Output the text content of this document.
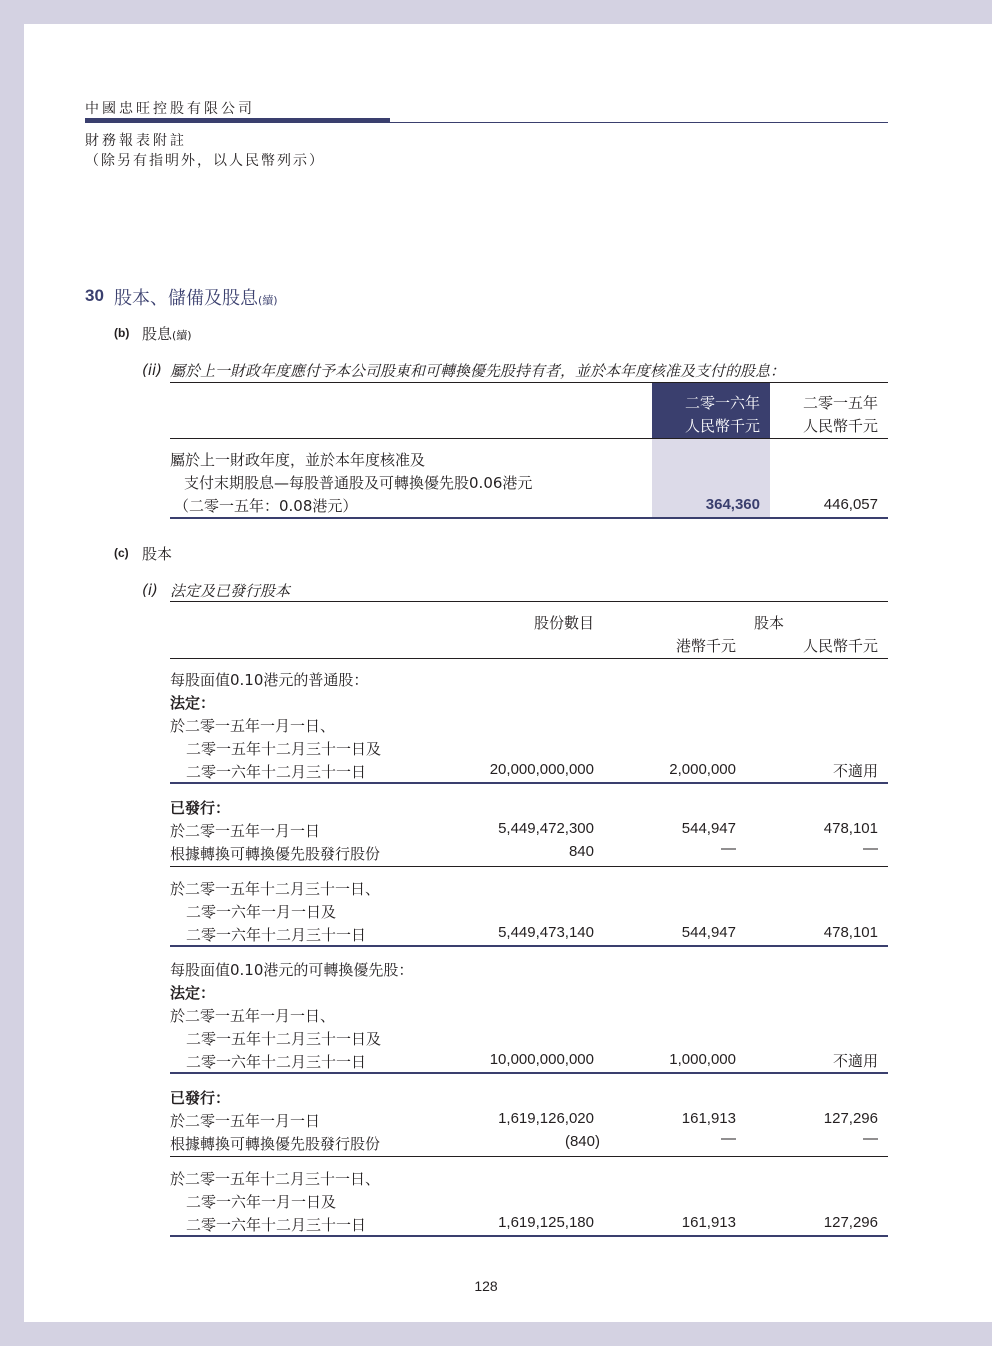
中國忠旺控股有限公司
財務報表附註
（除另有指明外，以人民幣列示）
30 股本、儲備及股息(續)
(b) 股息(續)
(ii) 屬於上一財政年度應付予本公司股東和可轉換優先股持有者，並於本年度核准及支付的股息：
二零一六年
人民幣千元
二零一五年
人民幣千元
屬於上一財政年度，並於本年度核准及
支付末期股息—每股普通股及可轉換優先股0.06港元
（二零一五年：0.08港元）	364,360	446,057
(c) 股本
(i) 法定及已發行股本
股份數目	股本
港幣千元	人民幣千元
每股面值0.10港元的普通股：
法定：
於二零一五年一月一日、
二零一五年十二月三十一日及
二零一六年十二月三十一日	20,000,000,000	2,000,000	不適用
已發行：
於二零一五年一月一日	5,449,472,300	544,947	478,101
根據轉換可轉換優先股發行股份	840	—	—
於二零一五年十二月三十一日、
二零一六年一月一日及
二零一六年十二月三十一日	5,449,473,140	544,947	478,101
每股面值0.10港元的可轉換優先股：
法定：
於二零一五年一月一日、
二零一五年十二月三十一日及
二零一六年十二月三十一日	10,000,000,000	1,000,000	不適用
已發行：
於二零一五年一月一日	1,619,126,020	161,913	127,296
根據轉換可轉換優先股發行股份	(840)	—	—
於二零一五年十二月三十一日、
二零一六年一月一日及
二零一六年十二月三十一日	1,619,125,180	161,913	127,296
128
